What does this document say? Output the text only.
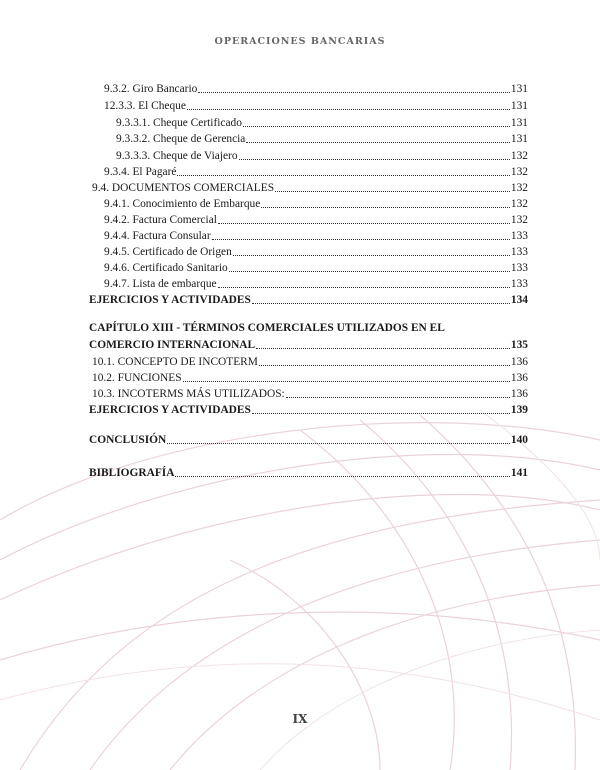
OPERACIONES BANCARIAS
9.3.2. Giro Bancario	131
12.3.3. El Cheque	131
9.3.3.1. Cheque Certificado	131
9.3.3.2. Cheque de Gerencia	131
9.3.3.3. Cheque de Viajero	132
9.3.4. El Pagaré	132
9.4. DOCUMENTOS COMERCIALES	132
9.4.1. Conocimiento de Embarque	132
9.4.2. Factura Comercial	132
9.4.4. Factura Consular	133
9.4.5. Certificado de Origen	133
9.4.6. Certificado Sanitario	133
9.4.7. Lista de embarque	133
EJERCICIOS Y ACTIVIDADES	134
CAPÍTULO XIII - TÉRMINOS COMERCIALES UTILIZADOS EN EL
COMERCIO INTERNACIONAL	135
10.1. CONCEPTO DE INCOTERM	136
10.2. FUNCIONES	136
10.3. INCOTERMS MÁS UTILIZADOS:	136
EJERCICIOS Y ACTIVIDADES	139
CONCLUSIÓN	140
BIBLIOGRAFÍA	141
IX
